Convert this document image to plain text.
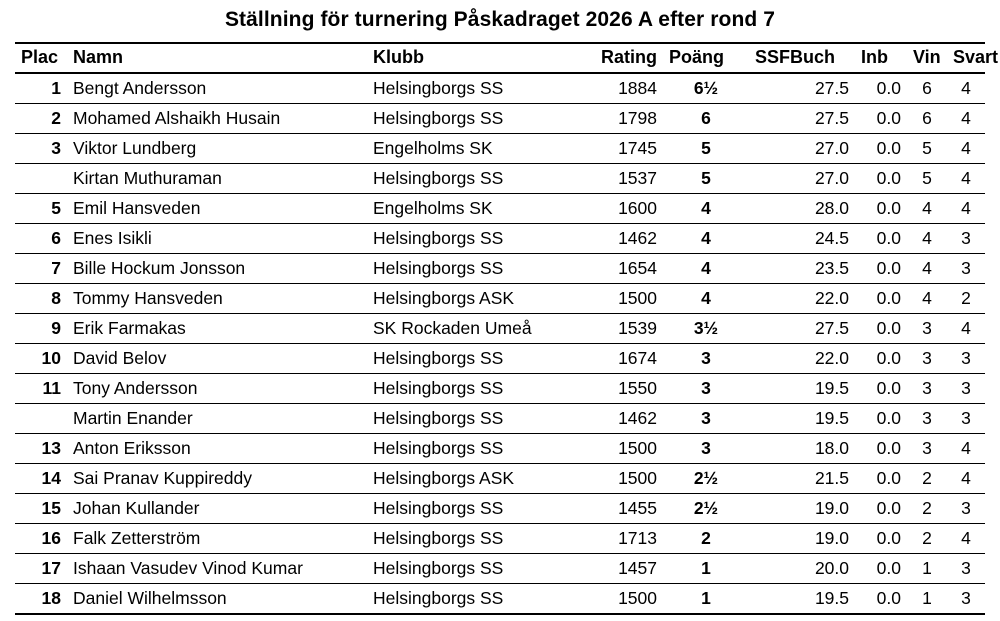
Ställning för turnering Påskadraget 2026 A efter rond 7
Plac	Namn	Klubb	Rating	Poäng	SSFBuch	Inb	Vin	Svart
1	Bengt Andersson	Helsingborgs SS	1884	6½	27.5	0.0	6	4
2	Mohamed Alshaikh Husain	Helsingborgs SS	1798	6	27.5	0.0	6	4
3	Viktor Lundberg	Engelholms SK	1745	5	27.0	0.0	5	4
	Kirtan Muthuraman	Helsingborgs SS	1537	5	27.0	0.0	5	4
5	Emil Hansveden	Engelholms SK	1600	4	28.0	0.0	4	4
6	Enes Isikli	Helsingborgs SS	1462	4	24.5	0.0	4	3
7	Bille Hockum Jonsson	Helsingborgs SS	1654	4	23.5	0.0	4	3
8	Tommy Hansveden	Helsingborgs ASK	1500	4	22.0	0.0	4	2
9	Erik Farmakas	SK Rockaden Umeå	1539	3½	27.5	0.0	3	4
10	David Belov	Helsingborgs SS	1674	3	22.0	0.0	3	3
11	Tony Andersson	Helsingborgs SS	1550	3	19.5	0.0	3	3
	Martin Enander	Helsingborgs SS	1462	3	19.5	0.0	3	3
13	Anton Eriksson	Helsingborgs SS	1500	3	18.0	0.0	3	4
14	Sai Pranav Kuppireddy	Helsingborgs ASK	1500	2½	21.5	0.0	2	4
15	Johan Kullander	Helsingborgs SS	1455	2½	19.0	0.0	2	3
16	Falk Zetterström	Helsingborgs SS	1713	2	19.0	0.0	2	4
17	Ishaan Vasudev Vinod Kumar	Helsingborgs SS	1457	1	20.0	0.0	1	3
18	Daniel Wilhelmsson	Helsingborgs SS	1500	1	19.5	0.0	1	3
